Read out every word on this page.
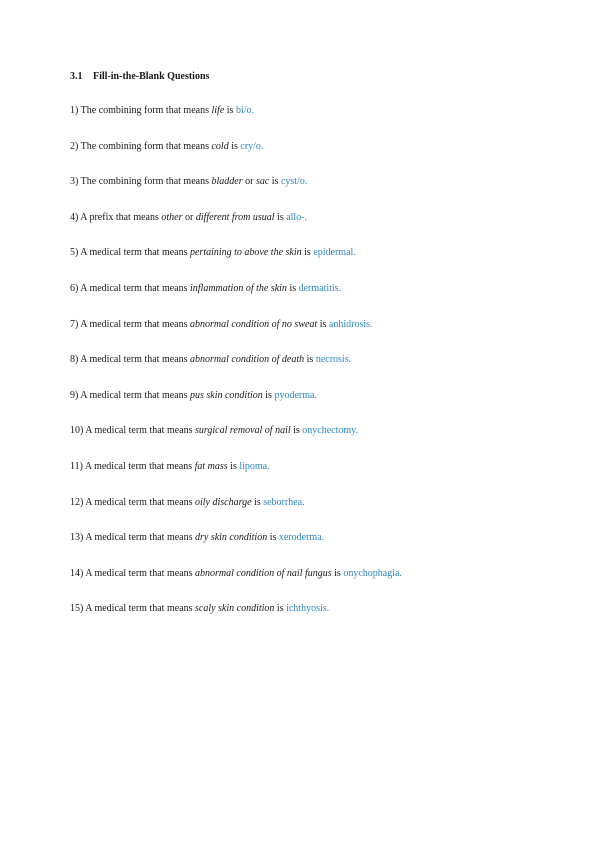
3.1 Fill-in-the-Blank Questions
1) The combining form that means life is bi/o.
2) The combining form that means cold is cry/o.
3) The combining form that means bladder or sac is cyst/o.
4) A prefix that means other or different from usual is allo-.
5) A medical term that means pertaining to above the skin is epidermal.
6) A medical term that means inflammation of the skin is dermatitis.
7) A medical term that means abnormal condition of no sweat is anhidrosis.
8) A medical term that means abnormal condition of death is necrosis.
9) A medical term that means pus skin condition is pyoderma.
10) A medical term that means surgical removal of nail is onychectomy.
11) A medical term that means fat mass is lipoma.
12) A medical term that means oily discharge is seborrhea.
13) A medical term that means dry skin condition is xeroderma.
14) A medical term that means abnormal condition of nail fungus is onychophagia.
15) A medical term that means scaly skin condition is ichthyosis.
